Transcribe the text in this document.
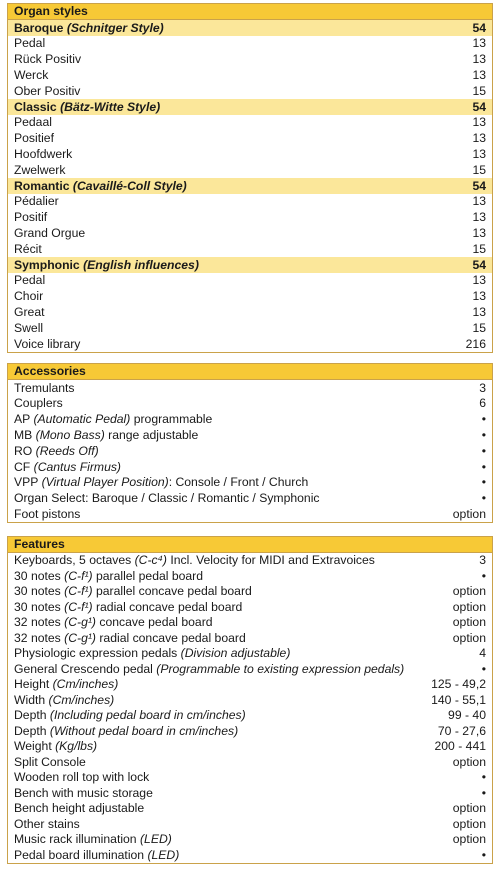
Organ styles
Baroque (Schnitger Style)	54
Pedal	13
Rück Positiv	13
Werck	13
Ober Positiv	15
Classic (Bätz-Witte Style)	54
Pedaal	13
Positief	13
Hoofdwerk	13
Zwelwerk	15
Romantic (Cavaillé-Coll Style)	54
Pédalier	13
Positif	13
Grand Orgue	13
Récit	15
Symphonic (English influences)	54
Pedal	13
Choir	13
Great	13
Swell	15
Voice library	216
Accessories
Tremulants	3
Couplers	6
AP (Automatic Pedal) programmable	•
MB (Mono Bass) range adjustable	•
RO (Reeds Off)	•
CF (Cantus Firmus)	•
VPP (Virtual Player Position): Console / Front / Church	•
Organ Select: Baroque / Classic / Romantic / Symphonic	•
Foot pistons	option
Features
Keyboards, 5 octaves (C-c⁴) Incl. Velocity for MIDI and Extravoices	3
30 notes (C-f¹) parallel pedal board	•
30 notes (C-f¹) parallel concave pedal board	option
30 notes (C-f¹) radial concave pedal board	option
32 notes (C-g¹) concave pedal board	option
32 notes (C-g¹) radial concave pedal board	option
Physiologic expression pedals (Division adjustable)	4
General Crescendo pedal (Programmable to existing expression pedals)	•
Height (Cm/inches)	125 - 49,2
Width (Cm/inches)	140 - 55,1
Depth (Including pedal board in cm/inches)	99 - 40
Depth (Without pedal board in cm/inches)	70 - 27,6
Weight (Kg/lbs)	200 - 441
Split Console	option
Wooden roll top with lock	•
Bench with music storage	•
Bench height adjustable	option
Other stains	option
Music rack illumination (LED)	option
Pedal board illumination (LED)	•
